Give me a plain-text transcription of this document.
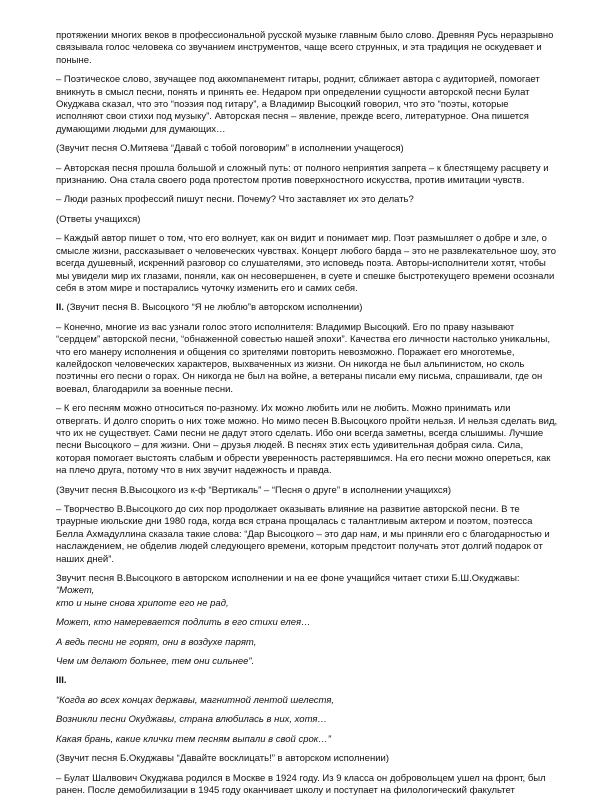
протяжении многих веков в профессиональной русской музыке главным было слово. Древняя Русь неразрывно связывала голос человека со звучанием инструментов, чаще всего струнных, и эта традиция не оскудевает и поныне.

– Поэтическое слово, звучащее под аккомпанемент гитары, роднит, сближает автора с аудиторией, помогает вникнуть в смысл песни, понять и принять ее. Недаром при определении сущности авторской песни Булат Окуджава сказал, что это “поэзия под гитару”, а Владимир Высоцкий говорил, что это “поэты, которые исполняют свои стихи под музыку”. Авторская песня – явление, прежде всего, литературное. Она пишется думающими людьми для думающих…

(Звучит песня О.Митяева “Давай с тобой поговорим” в исполнении учащегося)

– Авторская песня прошла большой и сложный путь: от полного неприятия запрета – к блестящему расцвету и признанию. Она стала своего рода протестом против поверхностного искусства, против имитации чувств.

– Люди разных профессий пишут песни. Почему? Что заставляет их это делать?

(Ответы учащихся)

– Каждый автор пишет о том, что его волнует, как он видит и понимает мир. Поэт размышляет о добре и зле, о смысле жизни, рассказывает о человеческих чувствах. Концерт любого барда – это не развлекательное шоу, это всегда душевный, искренний разговор со слушателями, это исповедь поэта. Авторы-исполнители хотят, чтобы мы увидели мир их глазами, поняли, как он несовершенен, в суете и спешке быстротекущего времени осознали себя в этом мире и постарались чуточку изменить его и самих себя.

II. (Звучит песня В. Высоцкого “Я не люблю”в авторском исполнении)

– Конечно, многие из вас узнали голос этого исполнителя: Владимир Высоцкий. Его по праву называют “сердцем” авторской песни, “обнаженной совестью нашей эпохи”. Качества его личности настолько уникальны, что его манеру исполнения и общения со зрителями повторить невозможно. Поражает его многотемье, калейдоскоп человеческих характеров, выхваченных из жизни. Он никогда не был альпинистом, но сколь поэтичны его песни о горах. Он никогда не был на войне, а ветераны писали ему письма, спрашивали, где он воевал, благодарили за военные песни.

– К его песням можно относиться по-разному. Их можно любить или не любить. Можно принимать или отвергать. И долго спорить о них тоже можно. Но мимо песен В.Высоцкого пройти нельзя. И нельзя сделать вид, что их не существует. Сами песни не дадут этого сделать. Ибо они всегда заметны, всегда слышимы. Лучшие песни Высоцкого – для жизни. Они – друзья людей. В песнях этих есть удивительная добрая сила. Сила, которая помогает выстоять слабым и обрести уверенность растерявшимся. На его песни можно опереться, как на плечо друга, потому что в них звучит надежность и правда.

(Звучит песня В.Высоцкого из к-ф “Вертикаль” – “Песня о друге” в исполнении учащихся)

– Творчество В.Высоцкого до сих пор продолжает оказывать влияние на развитие авторской песни. В те траурные июльские дни 1980 года, когда вся страна прощалась с талантливым актером и поэтом, поэтесса Белла Ахмадуллина сказала такие слова: “Дар Высоцкого – это дар нам, и мы приняли его с благодарностью и наслаждением, не обделив людей следующего времени, которым предстоит получать этот долгий подарок от наших дней”.

Звучит песня В.Высоцкого в авторском исполнении и на ее фоне учащийся читает стихи Б.Ш.Окуджавы: “Может,
кто и ныне снова хрипоте его не рад,

Может, кто намеревается подлить в его стихи елея…

А ведь песни не горят, они в воздухе парят,

Чем им делают больнее, тем они сильнее”.

III.

“Когда во всех концах державы, магнитной лентой шелестя,

Возникли песни Окуджавы, страна влюбилась в них, хотя…

Какая брань, какие клички тем песням выпали в свой срок…”

(Звучит песня Б.Окуджавы “Давайте восклицать!” в авторском исполнении)

– Булат Шалвович Окуджава родился в Москве в 1924 году. Из 9 класса он добровольцем ушел на фронт, был ранен. После демобилизации в 1945 году оканчивает школу и поступает на филологический факультет
